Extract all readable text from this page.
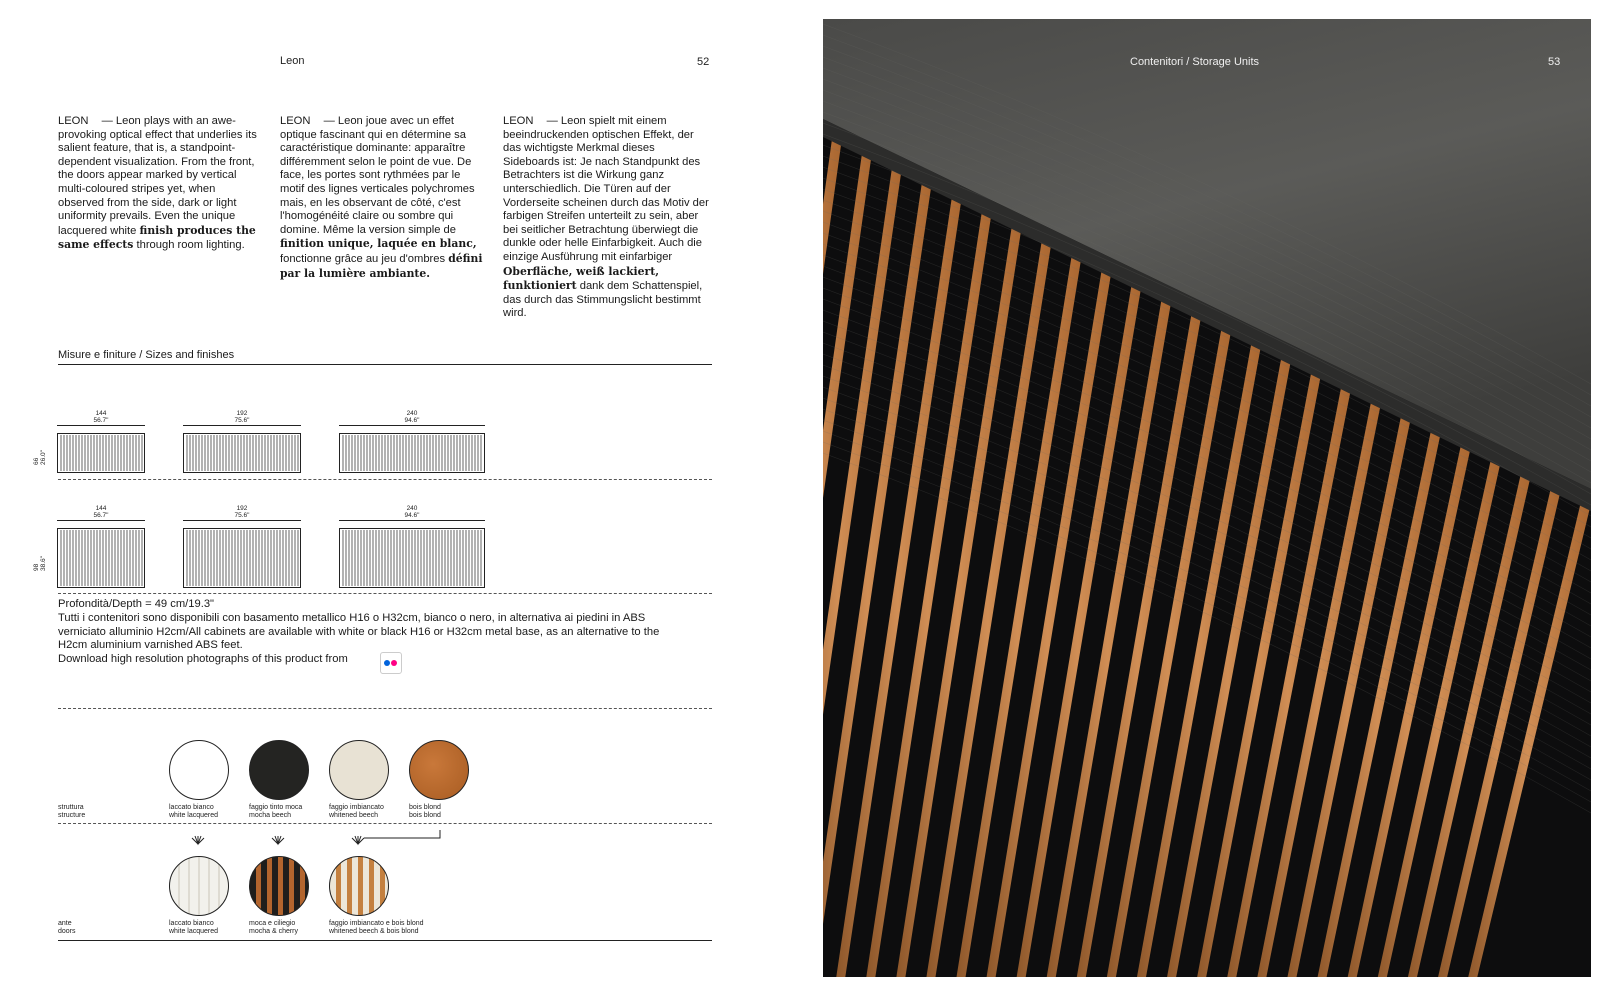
Leon	52
LEON — Leon plays with an awe-provoking optical effect that underlies its salient feature, that is, a standpoint-dependent visualization. From the front, the doors appear marked by vertical multi-coloured stripes yet, when observed from the side, dark or light uniformity prevails. Even the unique lacquered white finish produces the same effects through room lighting.
LEON — Leon joue avec un effet optique fascinant qui en détermine sa caractéristique dominante: apparaître différemment selon le point de vue. De face, les portes sont rythmées par le motif des lignes verticales polychromes mais, en les observant de côté, c'est l'homogénéité claire ou sombre qui domine. Même la version simple de finition unique, laquée en blanc, fonctionne grâce au jeu d'ombres défini par la lumière ambiante.
LEON — Leon spielt mit einem beeindruckenden optischen Effekt, der das wichtigste Merkmal dieses Sideboards ist: Je nach Standpunkt des Betrachters ist die Wirkung ganz unterschiedlich. Die Türen auf der Vorderseite scheinen durch das Motiv der farbigen Streifen unterteilt zu sein, aber bei seitlicher Betrachtung überwiegt die dunkle oder helle Einfarbigkeit. Auch die einzige Ausführung mit einfarbiger Oberfläche, weiß lackiert, funktioniert dank dem Schattenspiel, das durch das Stimmungslicht bestimmt wird.
Misure e finiture / Sizes and finishes
66
26.0"
144
56.7"
192
75.6"
240
94.6"
98
38.6"
144
56.7"
192
75.6"
240
94.6"
Profondità/Depth = 49 cm/19.3"
Tutti i contenitori sono disponibili con basamento metallico H16 o H32cm, bianco o nero, in alternativa ai piedini in ABS verniciato alluminio H2cm/All cabinets are available with white or black H16 or H32cm metal base, as an alternative to the H2cm aluminium varnished ABS feet.
Download high resolution photographs of this product from
struttura
structure
laccato bianco
white lacquered
faggio tinto moca
mocha beech
faggio imbiancato
whitened beech
bois blond
bois blond
ante
doors
laccato bianco
white lacquered
moca e ciliegio
mocha & cherry
faggio imbiancato e bois blond
whitened beech & bois blond
Contenitori / Storage Units	53
